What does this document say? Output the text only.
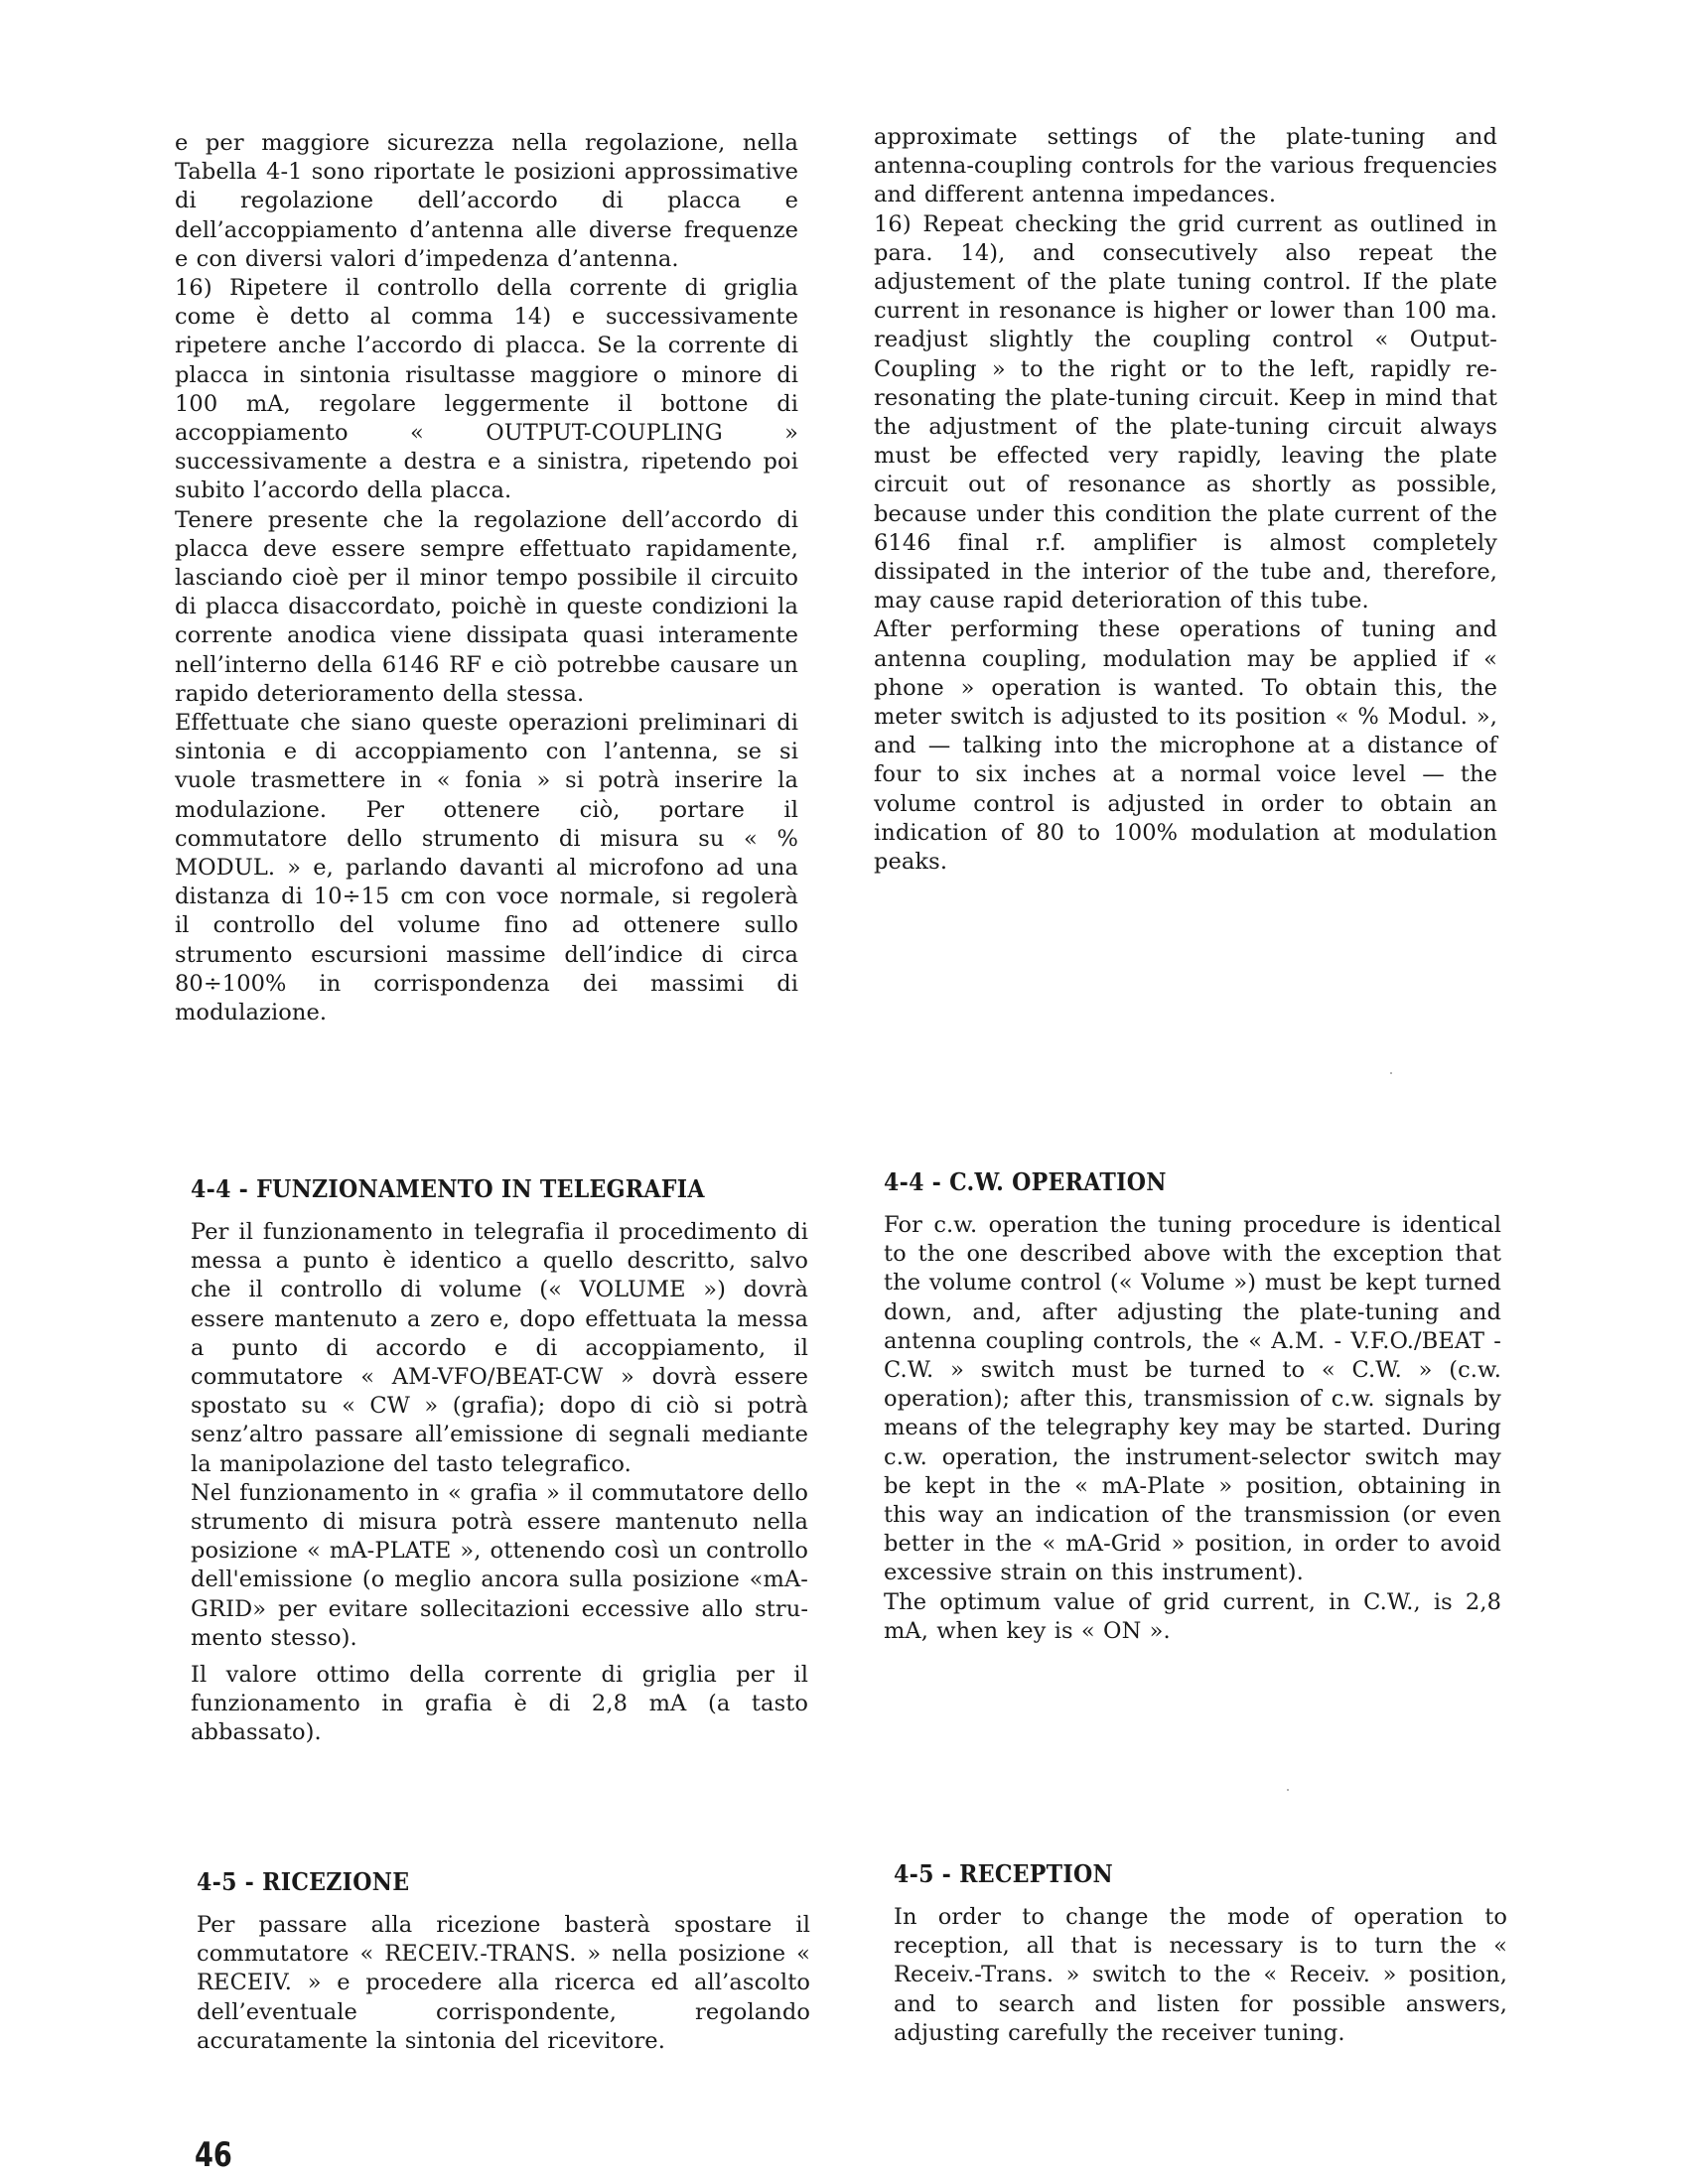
e per maggiore sicurezza nella regolazione, nella Tabella 4-1 sono riportate le posizioni approssimative di regolazione dell’accordo di placca e dell’accoppiamento d’antenna alle diverse frequenze e con diversi valori d’impedenza d’antenna.

16) Ripetere il controllo della corrente di griglia come è detto al comma 14) e successivamente ripetere anche l’accordo di placca. Se la corrente di placca in sintonia risultasse maggiore o minore di 100 mA, regolare leggermente il bottone di accoppiamento « OUTPUT-COUPLING » successivamente a destra e a sinistra, ripetendo poi subito l’accordo della placca.

Tenere presente che la regolazione dell’accordo di placca deve essere sempre effettuato rapidamente, lasciando cioè per il minor tempo possibile il circuito di placca disaccordato, poichè in queste condizioni la corrente anodica viene dissipata quasi interamente nell’interno della 6146 RF e ciò potrebbe causare un rapido deterioramento della stessa.

Effettuate che siano queste operazioni preliminari di sintonia e di accoppiamento con l’antenna, se si vuole trasmettere in « fonia » si potrà inserire la modulazione. Per ottenere ciò, portare il commutatore dello strumento di misura su « % MODUL. » e, parlando davanti al microfono ad una distanza di 10÷15 cm con voce normale, si regolerà il controllo del volume fino ad ottenere sullo strumento escursioni massime dell’indice di circa 80÷100% in corrispondenza dei massimi di modulazione.

approximate settings of the plate-tuning and antenna-coupling controls for the various frequencies and different antenna impedances.

16) Repeat checking the grid current as outlined in para. 14), and consecutively also repeat the adjustement of the plate tuning control. If the plate current in resonance is higher or lower than 100 ma. readjust slightly the coupling control « Output-Coupling » to the right or to the left, rapidly re-resonating the plate-tuning circuit. Keep in mind that the adjustment of the plate-tuning circuit always must be effected very rapidly, leaving the plate circuit out of resonance as shortly as possible, because under this condition the plate current of the 6146 final r.f. amplifier is almost completely dissipated in the interior of the tube and, therefore, may cause rapid deterioration of this tube.

After performing these operations of tuning and antenna coupling, modulation may be applied if « phone » operation is wanted. To obtain this, the meter switch is adjusted to its position « % Modul. », and — talking into the microphone at a distance of four to six inches at a normal voice level — the volume control is adjusted in order to obtain an indication of 80 to 100% modulation at modulation peaks.

4-4 - FUNZIONAMENTO IN TELEGRAFIA

Per il funzionamento in telegrafia il procedimento di messa a punto è identico a quello descritto, salvo che il controllo di volume (« VOLUME ») dovrà essere mantenuto a zero e, dopo effettuata la messa a punto di accordo e di accoppiamento, il commutatore « AM-VFO/BEAT-CW » dovrà essere spostato su « CW » (grafia); dopo di ciò si potrà senz’altro passare all’emissione di segnali mediante la manipolazione del tasto telegrafico.

Nel funzionamento in « grafia » il commutatore dello strumento di misura potrà essere mantenuto nella posizione « mA-PLATE », ottenendo così un controllo dell'emissione (o meglio ancora sulla posizione «mA-GRID» per evitare sollecitazioni eccessive allo strumento stesso).

Il valore ottimo della corrente di griglia per il funzionamento in grafia è di 2,8 mA (a tasto abbassato).

4-4 - C.W. OPERATION

For c.w. operation the tuning procedure is identical to the one described above with the exception that the volume control (« Volume ») must be kept turned down, and, after adjusting the plate-tuning and antenna coupling controls, the « A.M. - V.F.O./BEAT - C.W. » switch must be turned to « C.W. » (c.w. operation); after this, transmission of c.w. signals by means of the telegraphy key may be started. During c.w. operation, the instrument-selector switch may be kept in the « mA-Plate » position, obtaining in this way an indication of the transmission (or even better in the « mA-Grid » position, in order to avoid excessive strain on this instrument).

The optimum value of grid current, in C.W., is 2,8 mA, when key is « ON ».

4-5 - RICEZIONE

Per passare alla ricezione basterà spostare il commutatore « RECEIV.-TRANS. » nella posizione « RECEIV. » e procedere alla ricerca ed all’ascolto dell’eventuale corrispondente, regolando accuratamente la sintonia del ricevitore.

4-5 - RECEPTION

In order to change the mode of operation to reception, all that is necessary is to turn the « Receiv.-Trans. » switch to the « Receiv. » position, and to search and listen for possible answers, adjusting carefully the receiver tuning.

46
